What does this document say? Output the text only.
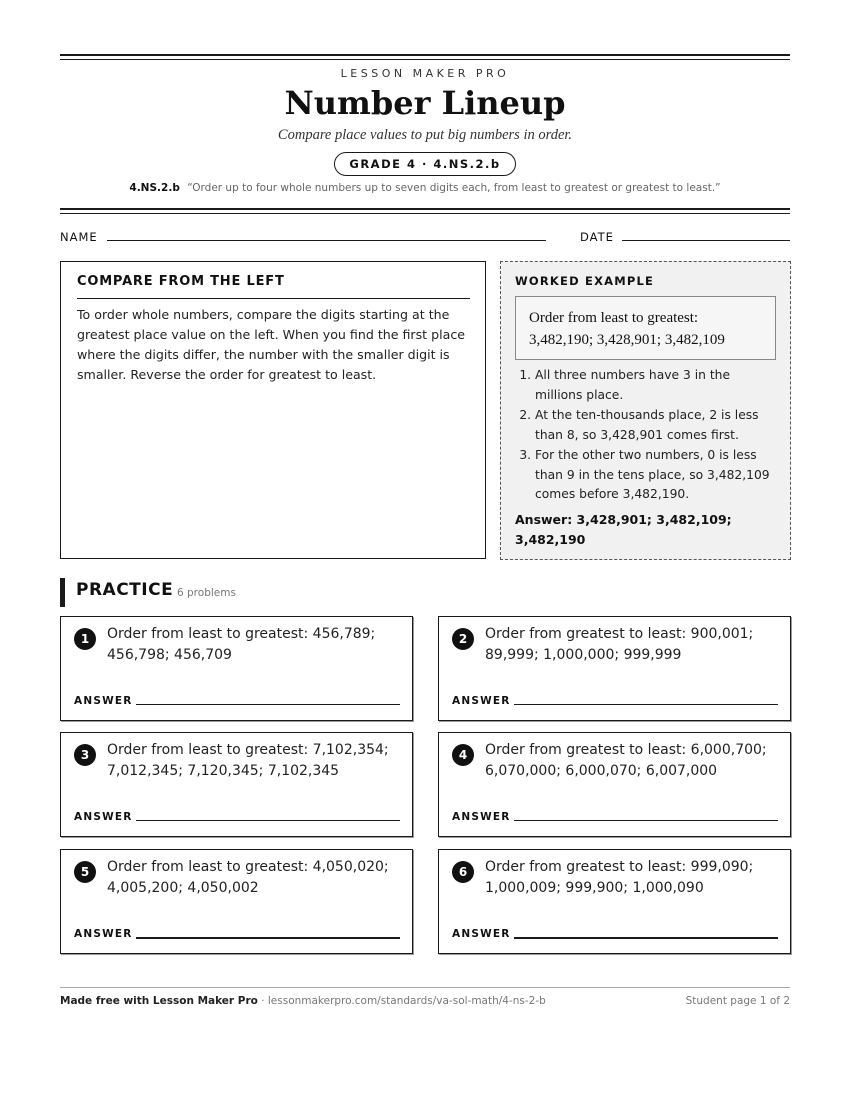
LESSON MAKER PRO
Number Lineup
Compare place values to put big numbers in order.
GRADE 4 · 4.NS.2.b
4.NS.2.b “Order up to four whole numbers up to seven digits each, from least to greatest or greatest to least.”
NAME	DATE
COMPARE FROM THE LEFT

To order whole numbers, compare the digits starting at the greatest place value on the left. When you find the first place where the digits differ, the number with the smaller digit is smaller. Reverse the order for greatest to least.

WORKED EXAMPLE
Order from least to greatest:
3,482,190; 3,428,901; 3,482,109
1. All three numbers have 3 in the millions place.
2. At the ten-thousands place, 2 is less than 8, so 3,428,901 comes first.
3. For the other two numbers, 0 is less than 9 in the tens place, so 3,482,109 comes before 3,482,190.
Answer: 3,428,901; 3,482,109; 3,482,190
PRACTICE 6 problems
1	Order from least to greatest: 456,789; 456,798; 456,709
ANSWER
2	Order from greatest to least: 900,001; 89,999; 1,000,000; 999,999
ANSWER
3	Order from least to greatest: 7,102,354; 7,012,345; 7,120,345; 7,102,345
ANSWER
4	Order from greatest to least: 6,000,700; 6,070,000; 6,000,070; 6,007,000
ANSWER
5	Order from least to greatest: 4,050,020; 4,005,200; 4,050,002
ANSWER
6	Order from greatest to least: 999,090; 1,000,009; 999,900; 1,000,090
ANSWER
Made free with Lesson Maker Pro · lessonmakerpro.com/standards/va-sol-math/4-ns-2-b	Student page 1 of 2
